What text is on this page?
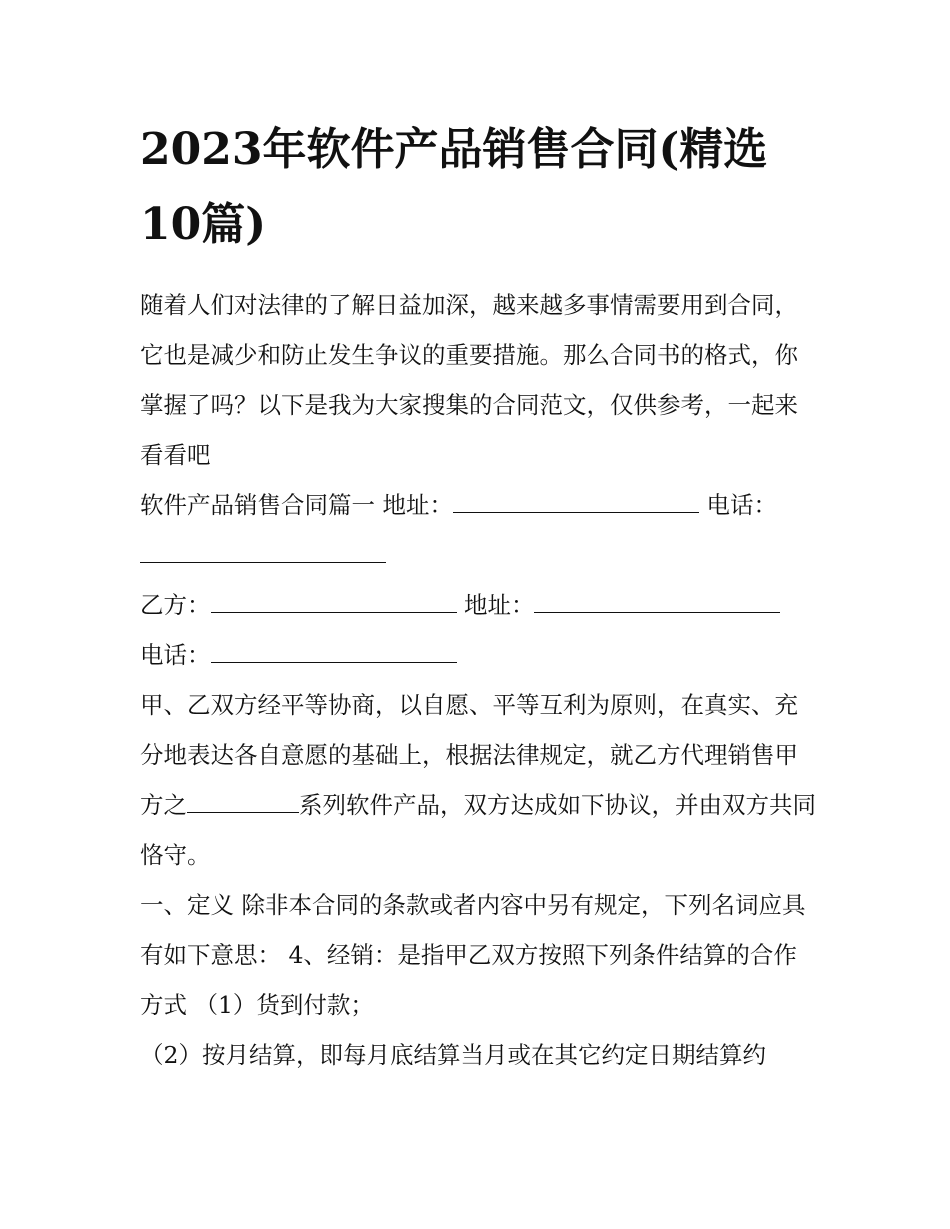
2023年软件产品销售合同(精选10篇)

随着人们对法律的了解日益加深，越来越多事情需要用到合同，它也是减少和防止发生争议的重要措施。那么合同书的格式，你掌握了吗？以下是我为大家搜集的合同范文，仅供参考，一起来看看吧

软件产品销售合同篇一 地址：	电话：

乙方：	地址：
电话：

甲、乙双方经平等协商，以自愿、平等互利为原则，在真实、充分地表达各自意愿的基础上，根据法律规定，就乙方代理销售甲方之	系列软件产品，双方达成如下协议，并由双方共同恪守。

一、定义 除非本合同的条款或者内容中另有规定，下列名词应具有如下意思： 4、经销：是指甲乙双方按照下列条件结算的合作方式 （1）货到付款；

（2）按月结算，即每月底结算当月或在其它约定日期结算约
